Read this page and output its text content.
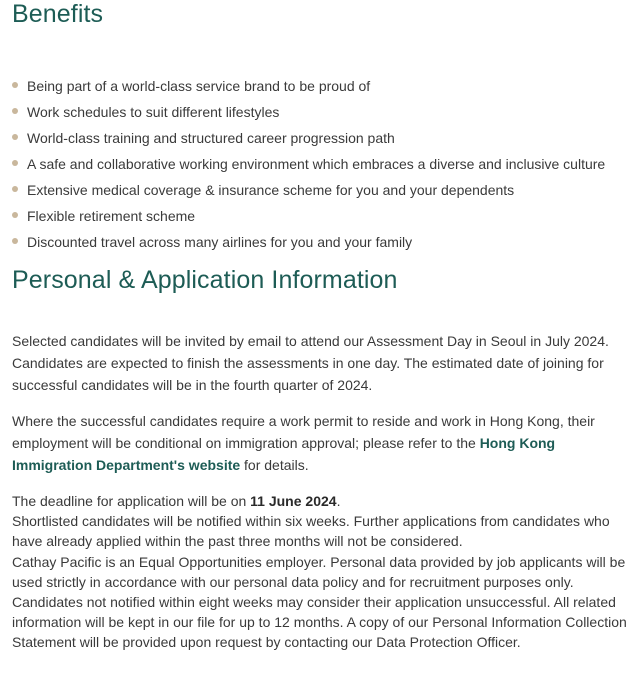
Benefits
Being part of a world-class service brand to be proud of
Work schedules to suit different lifestyles
World-class training and structured career progression path
A safe and collaborative working environment which embraces a diverse and inclusive culture
Extensive medical coverage & insurance scheme for you and your dependents
Flexible retirement scheme
Discounted travel across many airlines for you and your family
Personal & Application Information

Selected candidates will be invited by email to attend our Assessment Day in Seoul in July 2024. Candidates are expected to finish the assessments in one day. The estimated date of joining for successful candidates will be in the fourth quarter of 2024.

Where the successful candidates require a work permit to reside and work in Hong Kong, their employment will be conditional on immigration approval; please refer to the Hong Kong Immigration Department's website for details.

The deadline for application will be on 11 June 2024.
Shortlisted candidates will be notified within six weeks. Further applications from candidates who have already applied within the past three months will not be considered.
Cathay Pacific is an Equal Opportunities employer. Personal data provided by job applicants will be used strictly in accordance with our personal data policy and for recruitment purposes only. Candidates not notified within eight weeks may consider their application unsuccessful. All related information will be kept in our file for up to 12 months. A copy of our Personal Information Collection Statement will be provided upon request by contacting our Data Protection Officer.
